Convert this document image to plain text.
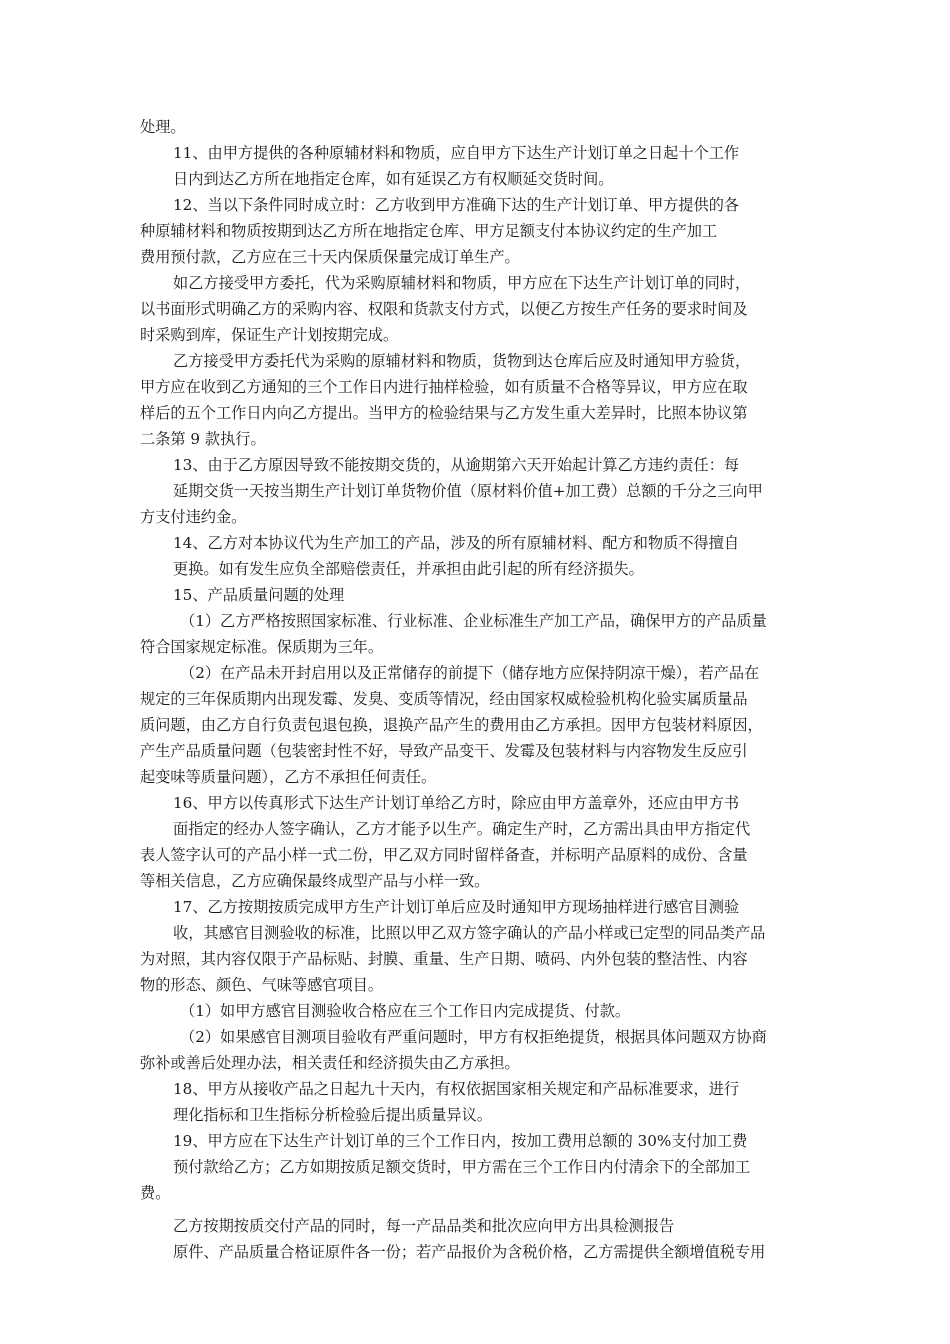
处理。
11、由甲方提供的各种原辅材料和物质，应自甲方下达生产计划订单之日起十个工作
日内到达乙方所在地指定仓库，如有延误乙方有权顺延交货时间。
12、当以下条件同时成立时：乙方收到甲方准确下达的生产计划订单、甲方提供的各
种原辅材料和物质按期到达乙方所在地指定仓库、甲方足额支付本协议约定的生产加工
费用预付款，乙方应在三十天内保质保量完成订单生产。
如乙方接受甲方委托，代为采购原辅材料和物质，甲方应在下达生产计划订单的同时，
以书面形式明确乙方的采购内容、权限和货款支付方式，以便乙方按生产任务的要求时间及
时采购到库，保证生产计划按期完成。
乙方接受甲方委托代为采购的原辅材料和物质，货物到达仓库后应及时通知甲方验货，
甲方应在收到乙方通知的三个工作日内进行抽样检验，如有质量不合格等异议，甲方应在取
样后的五个工作日内向乙方提出。当甲方的检验结果与乙方发生重大差异时，比照本协议第
二条第 9 款执行。
13、由于乙方原因导致不能按期交货的，从逾期第六天开始起计算乙方违约责任：每
延期交货一天按当期生产计划订单货物价值（原材料价值+加工费）总额的千分之三向甲
方支付违约金。
14、乙方对本协议代为生产加工的产品，涉及的所有原辅材料、配方和物质不得擅自
更换。如有发生应负全部赔偿责任，并承担由此引起的所有经济损失。
15、产品质量问题的处理
（1）乙方严格按照国家标准、行业标准、企业标准生产加工产品，确保甲方的产品质量
符合国家规定标准。保质期为三年。
（2）在产品未开封启用以及正常储存的前提下（储存地方应保持阴凉干燥），若产品在
规定的三年保质期内出现发霉、发臭、变质等情况，经由国家权威检验机构化验实属质量品
质问题，由乙方自行负责包退包换，退换产品产生的费用由乙方承担。因甲方包装材料原因，
产生产品质量问题（包装密封性不好，导致产品变干、发霉及包装材料与内容物发生反应引
起变味等质量问题），乙方不承担任何责任。
16、甲方以传真形式下达生产计划订单给乙方时，除应由甲方盖章外，还应由甲方书
面指定的经办人签字确认，乙方才能予以生产。确定生产时，乙方需出具由甲方指定代
表人签字认可的产品小样一式二份，甲乙双方同时留样备查，并标明产品原料的成份、含量
等相关信息，乙方应确保最终成型产品与小样一致。
17、乙方按期按质完成甲方生产计划订单后应及时通知甲方现场抽样进行感官目测验
收，其感官目测验收的标准，比照以甲乙双方签字确认的产品小样或已定型的同品类产品
为对照，其内容仅限于产品标贴、封膜、重量、生产日期、喷码、内外包装的整洁性、内容
物的形态、颜色、气味等感官项目。
（1）如甲方感官目测验收合格应在三个工作日内完成提货、付款。
（2）如果感官目测项目验收有严重问题时，甲方有权拒绝提货，根据具体问题双方协商
弥补或善后处理办法，相关责任和经济损失由乙方承担。
18、甲方从接收产品之日起九十天内，有权依据国家相关规定和产品标准要求，进行
理化指标和卫生指标分析检验后提出质量异议。
19、甲方应在下达生产计划订单的三个工作日内，按加工费用总额的 30%支付加工费
预付款给乙方；乙方如期按质足额交货时，甲方需在三个工作日内付清余下的全部加工
费。
乙方按期按质交付产品的同时，每一产品品类和批次应向甲方出具检测报告
原件、产品质量合格证原件各一份；若产品报价为含税价格，乙方需提供全额增值税专用
